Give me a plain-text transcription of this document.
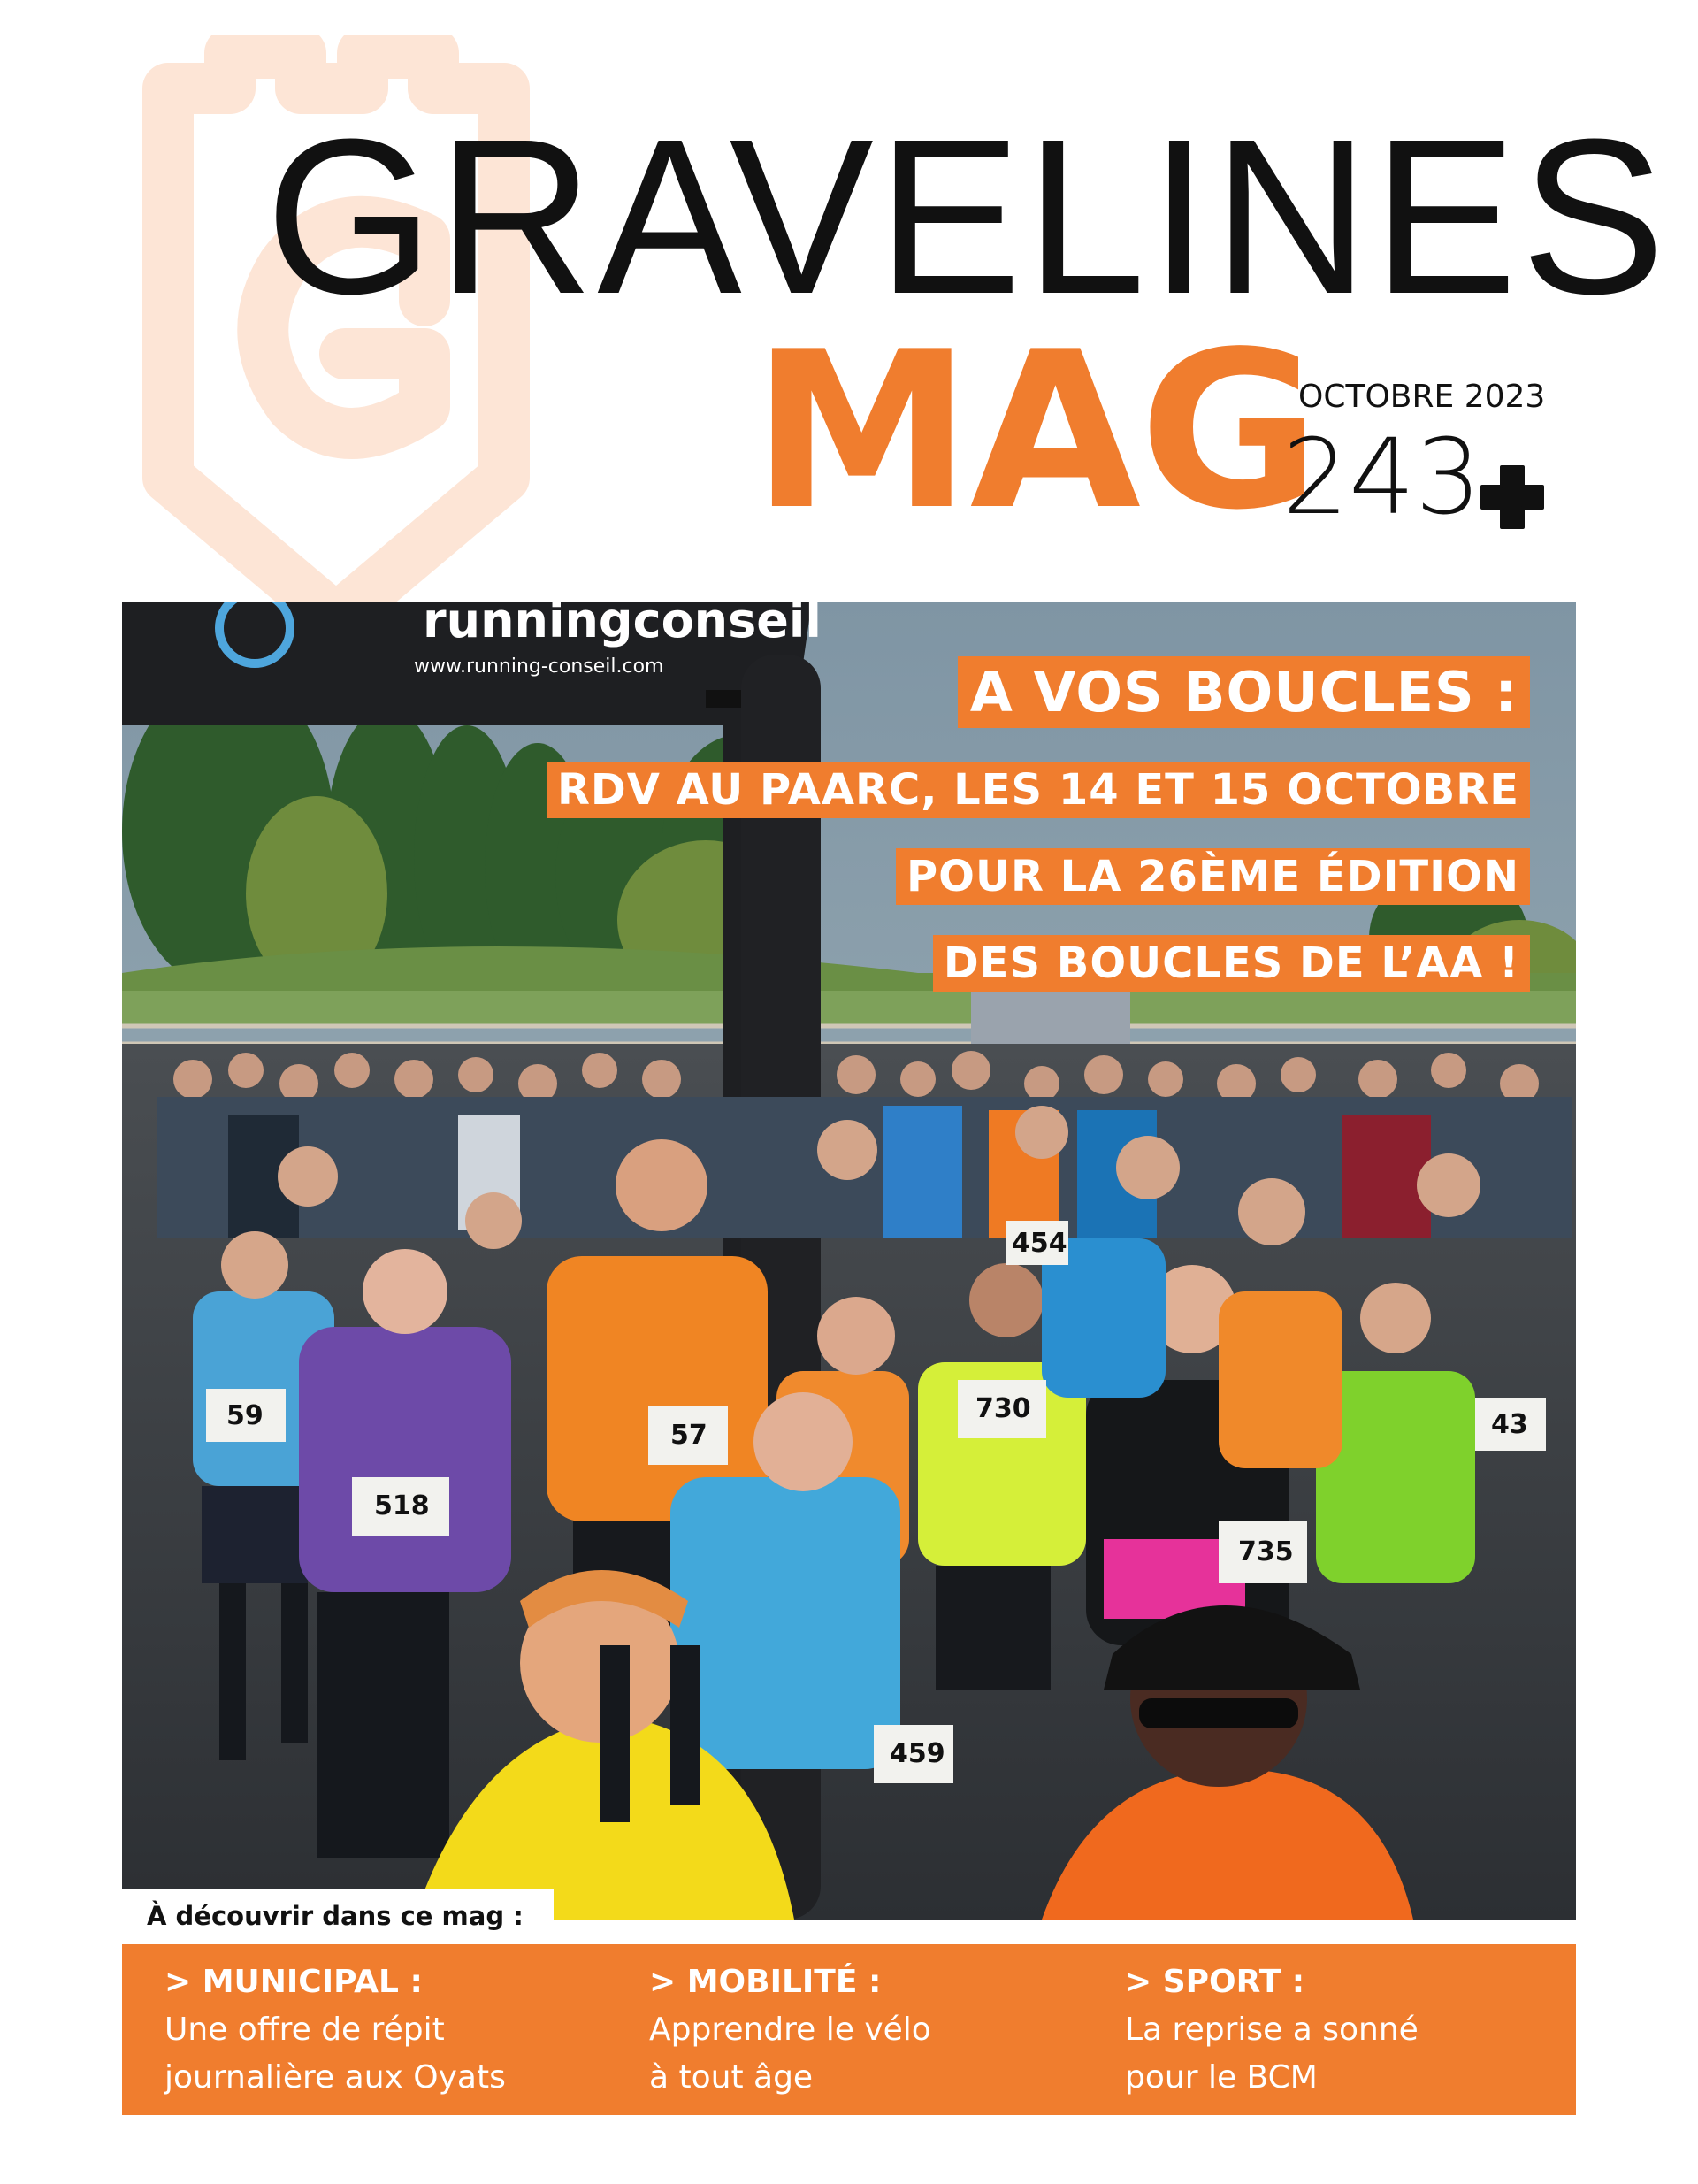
GRAVELINES
MAG
OCTOBRE 2023
243
runningconseil
www.running-conseil.com
59
518
57
730
735
459
43
454
A VOS BOUCLES :
RDV AU PAARC, LES 14 ET 15 OCTOBRE
POUR LA 26ÈME ÉDITION
DES BOUCLES DE L’AA !
À découvrir dans ce mag :
> MUNICIPAL :
Une offre de répit
journalière aux Oyats
> MOBILITÉ :
Apprendre le vélo
à tout âge
> SPORT :
La reprise a sonné
pour le BCM
